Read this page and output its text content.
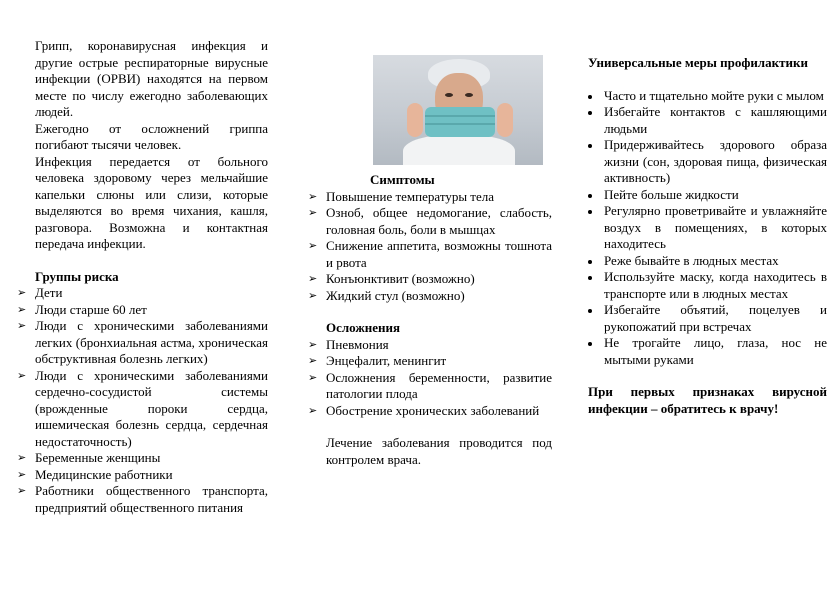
Грипп, коронавирусная инфекция и другие острые респираторные вирусные инфекции (ОРВИ) находятся на первом месте по числу ежегодно заболевающих людей.

Ежегодно от осложнений гриппа погибают тысячи человек.

Инфекция передается от больного человека здоровому через мельчайшие капельки слюны или слизи, которые выделяются во время чихания, кашля, разговора. Возможна и контактная передача инфекции.

Группы риска

➢ Дети
➢ Люди старше 60 лет
➢ Люди с хроническими заболеваниями легких (бронхиальная астма, хроническая обструктивная болезнь легких)
➢ Люди с хроническими заболеваниями сердечно-сосудистой системы (врожденные пороки сердца, ишемическая болезнь сердца, сердечная недостаточность)
➢ Беременные женщины
➢ Медицинские работники
➢ Работники общественного транспорта, предприятий общественного питания

Симптомы

➢ Повышение температуры тела
➢ Озноб, общее недомогание, слабость, головная боль, боли в мышцах
➢ Снижение аппетита, возможны тошнота и рвота
➢ Конъюнктивит (возможно)
➢ Жидкий стул (возможно)

Осложнения

➢ Пневмония
➢ Энцефалит, менингит
➢ Осложнения беременности, развитие патологии плода
➢ Обострение хронических заболеваний

Лечение заболевания проводится под контролем врача.

Универсальные меры профилактики

Часто и тщательно мойте руки с мылом
Избегайте контактов с кашляющими людьми
Придерживайтесь здорового образа жизни (сон, здоровая пища, физическая активность)
Пейте больше жидкости
Регулярно проветривайте и увлажняйте воздух в помещениях, в которых находитесь
Реже бывайте в людных местах
Используйте маску, когда находитесь в транспорте или в людных местах
Избегайте объятий, поцелуев и рукопожатий при встречах
Не трогайте лицо, глаза, нос не мытыми руками

При первых признаках вирусной инфекции – обратитесь к врачу!
